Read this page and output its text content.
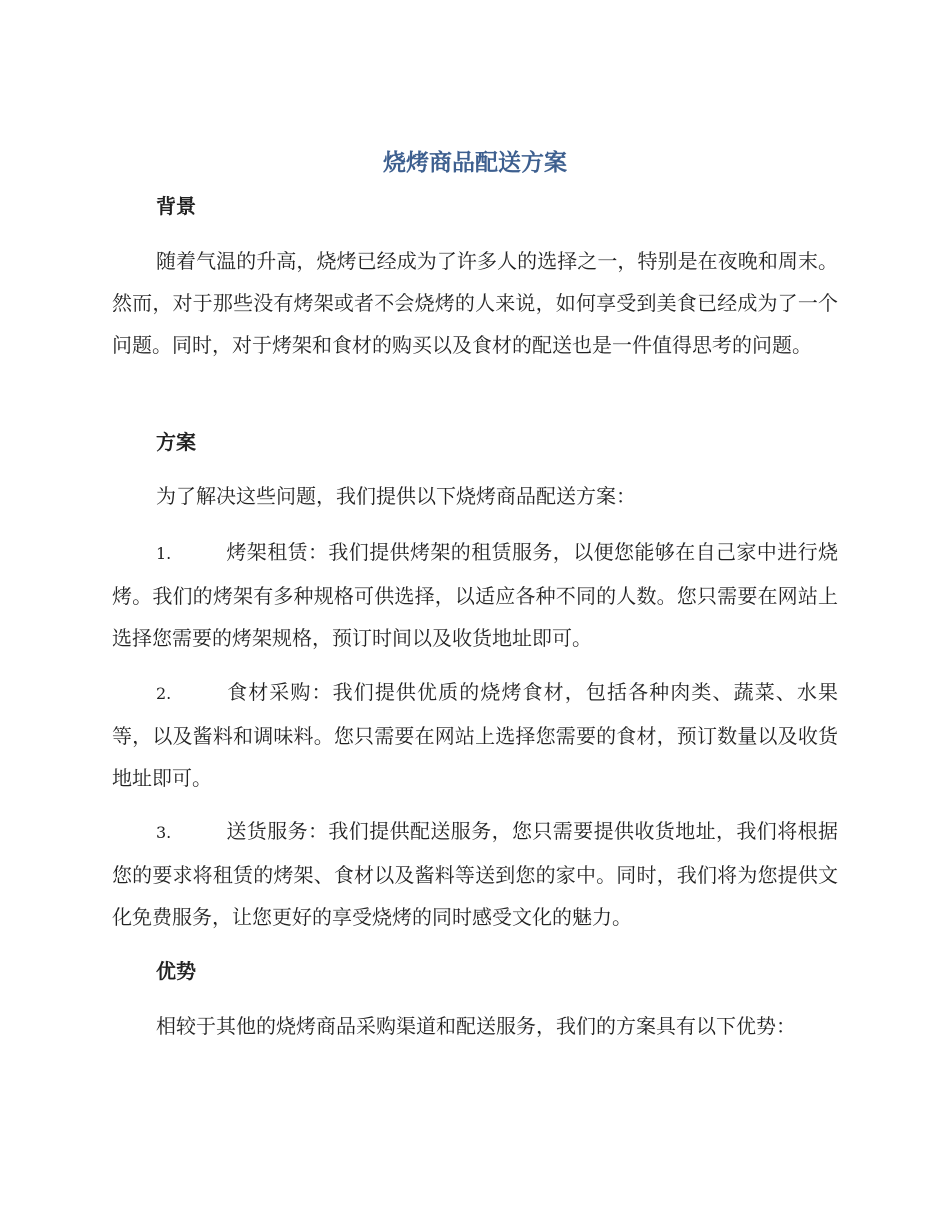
烧烤商品配送方案
背景
随着气温的升高，烧烤已经成为了许多人的选择之一，特别是在夜晚和周末。然而，对于那些没有烤架或者不会烧烤的人来说，如何享受到美食已经成为了一个问题。同时，对于烤架和食材的购买以及食材的配送也是一件值得思考的问题。
方案
为了解决这些问题，我们提供以下烧烤商品配送方案：
1.	烤架租赁：我们提供烤架的租赁服务，以便您能够在自己家中进行烧烤。我们的烤架有多种规格可供选择，以适应各种不同的人数。您只需要在网站上选择您需要的烤架规格，预订时间以及收货地址即可。
2.	食材采购：我们提供优质的烧烤食材，包括各种肉类、蔬菜、水果等，以及酱料和调味料。您只需要在网站上选择您需要的食材，预订数量以及收货地址即可。
3.	送货服务：我们提供配送服务，您只需要提供收货地址，我们将根据您的要求将租赁的烤架、食材以及酱料等送到您的家中。同时，我们将为您提供文化免费服务，让您更好的享受烧烤的同时感受文化的魅力。
优势
相较于其他的烧烤商品采购渠道和配送服务，我们的方案具有以下优势：
